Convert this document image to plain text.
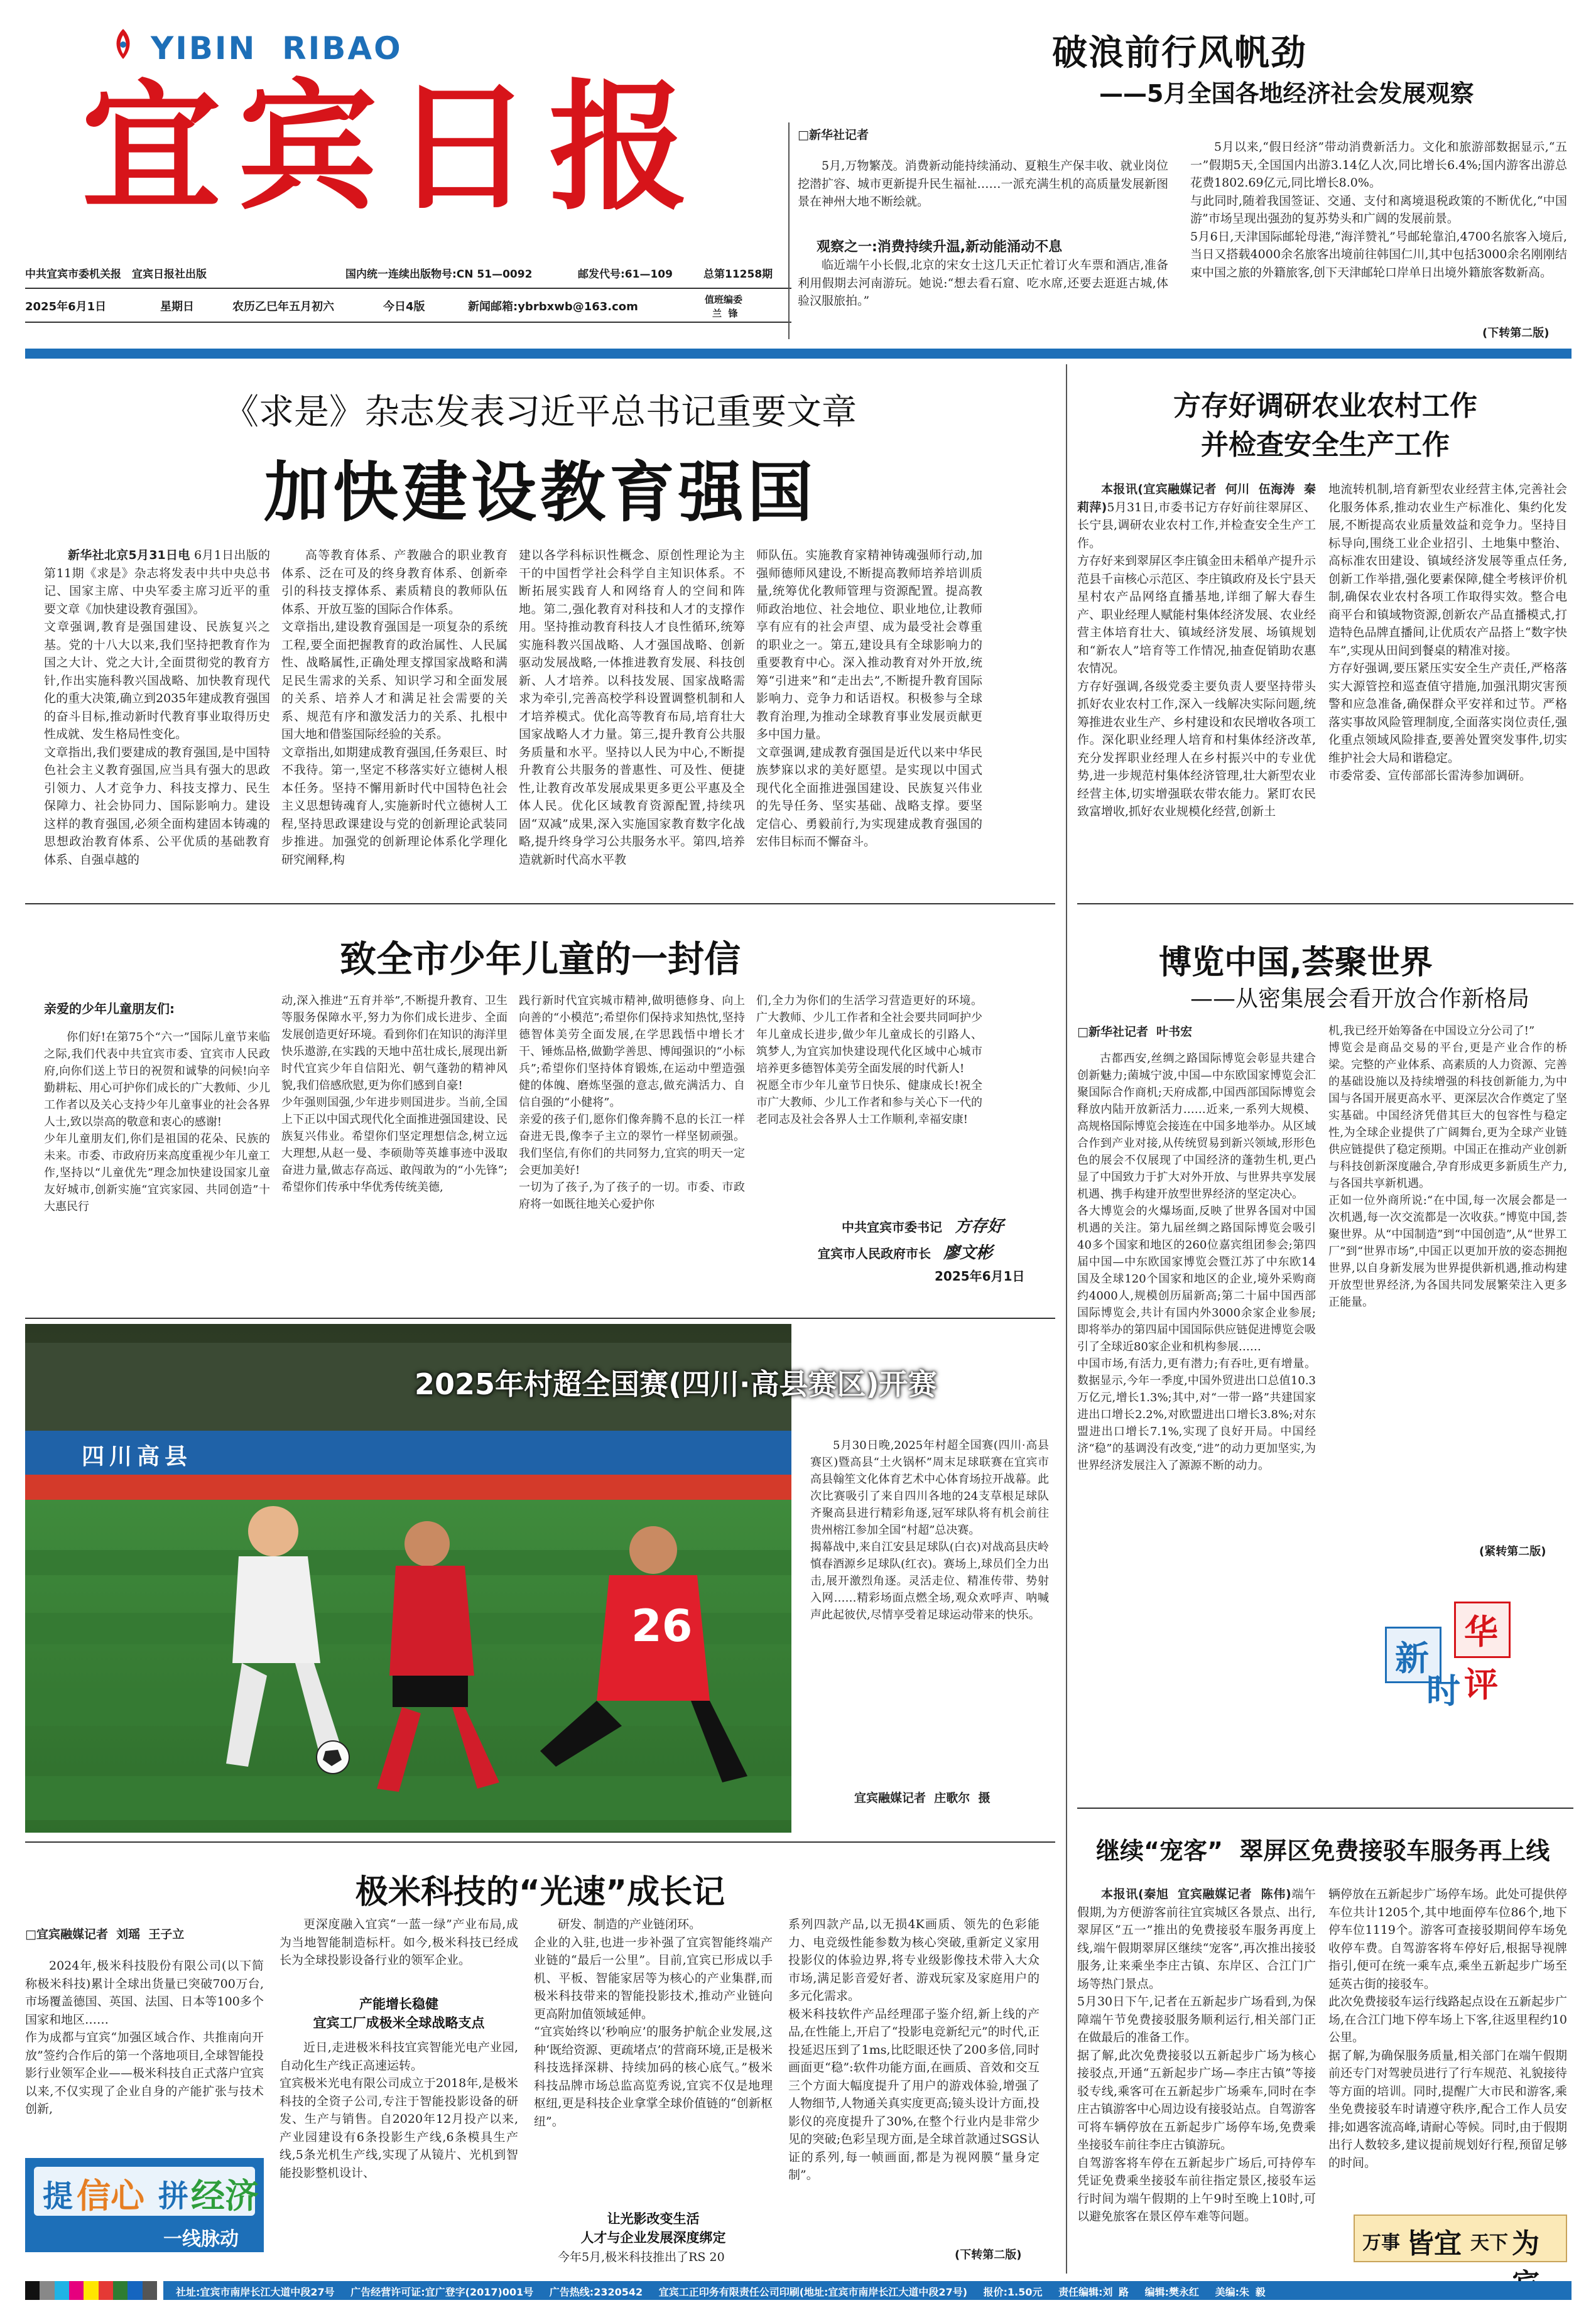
YIBIN  RIBAO
宜宾日报
中共宜宾市委机关报　宜宾日报社出版	国内统一连续出版物号:CN 51—0092	邮发代号:61—109	总第11258期
2025年6月1日	星期日	农历乙巳年五月初六	今日4版	新闻邮箱:ybrbxwb@163.com
值班编委
兰  锋
破浪前行风帆劲
——5月全国各地经济社会发展观察
□新华社记者
5月,万物繁茂。消费新动能持续涌动、夏粮生产保丰收、就业岗位挖潜扩容、城市更新提升民生福祉……一派充满生机的高质量发展新图景在神州大地不断绘就。
观察之一:消费持续升温,新动能涌动不息
临近端午小长假,北京的宋女士这几天正忙着订火车票和酒店,准备利用假期去河南游玩。她说:“想去看石窟、吃水席,还要去逛逛古城,体验汉服旅拍。”
5月以来,“假日经济”带动消费新活力。文化和旅游部数据显示,“五一”假期5天,全国国内出游3.14亿人次,同比增长6.4%;国内游客出游总花费1802.69亿元,同比增长8.0%。
与此同时,随着我国签证、交通、支付和离境退税政策的不断优化,“中国游”市场呈现出强劲的复苏势头和广阔的发展前景。
5月6日,天津国际邮轮母港,“海洋赞礼”号邮轮靠泊,4700名旅客入境后,当日又搭载4000余名旅客出境前往韩国仁川,其中包括3000余名刚刚结束中国之旅的外籍旅客,创下天津邮轮口岸单日出境外籍旅客数新高。
(下转第二版)
《求是》杂志发表习近平总书记重要文章
加快建设教育强国
新华社北京5月31日电 6月1日出版的第11期《求是》杂志将发表中共中央总书记、国家主席、中央军委主席习近平的重要文章《加快建设教育强国》。
文章强调,教育是强国建设、民族复兴之基。党的十八大以来,我们坚持把教育作为国之大计、党之大计,全面贯彻党的教育方针,作出实施科教兴国战略、加快教育现代化的重大决策,确立到2035年建成教育强国的奋斗目标,推动新时代教育事业取得历史性成就、发生格局性变化。
文章指出,我们要建成的教育强国,是中国特色社会主义教育强国,应当具有强大的思政引领力、人才竞争力、科技支撑力、民生保障力、社会协同力、国际影响力。建设这样的教育强国,必须全面构建固本铸魂的思想政治教育体系、公平优质的基础教育体系、自强卓越的
高等教育体系、产教融合的职业教育体系、泛在可及的终身教育体系、创新牵引的科技支撑体系、素质精良的教师队伍体系、开放互鉴的国际合作体系。
文章指出,建设教育强国是一项复杂的系统工程,要全面把握教育的政治属性、人民属性、战略属性,正确处理支撑国家战略和满足民生需求的关系、知识学习和全面发展的关系、培养人才和满足社会需要的关系、规范有序和激发活力的关系、扎根中国大地和借鉴国际经验的关系。
文章指出,如期建成教育强国,任务艰巨、时不我待。第一,坚定不移落实好立德树人根本任务。坚持不懈用新时代中国特色社会主义思想铸魂育人,实施新时代立德树人工程,坚持思政课建设与党的创新理论武装同步推进。加强党的创新理论体系化学理化研究阐释,构
建以各学科标识性概念、原创性理论为主干的中国哲学社会科学自主知识体系。不断拓展实践育人和网络育人的空间和阵地。第二,强化教育对科技和人才的支撑作用。坚持推动教育科技人才良性循环,统筹实施科教兴国战略、人才强国战略、创新驱动发展战略,一体推进教育发展、科技创新、人才培养。以科技发展、国家战略需求为牵引,完善高校学科设置调整机制和人才培养模式。优化高等教育布局,培育壮大国家战略人才力量。第三,提升教育公共服务质量和水平。坚持以人民为中心,不断提升教育公共服务的普惠性、可及性、便捷性,让教育改革发展成果更多更公平惠及全体人民。优化区域教育资源配置,持续巩固“双减”成果,深入实施国家教育数字化战略,提升终身学习公共服务水平。第四,培养造就新时代高水平教
师队伍。实施教育家精神铸魂强师行动,加强师德师风建设,不断提高教师培养培训质量,统筹优化教师管理与资源配置。提高教师政治地位、社会地位、职业地位,让教师享有应有的社会声望、成为最受社会尊重的职业之一。第五,建设具有全球影响力的重要教育中心。深入推动教育对外开放,统筹“引进来”和“走出去”,不断提升教育国际影响力、竞争力和话语权。积极参与全球教育治理,为推动全球教育事业发展贡献更多中国力量。
文章强调,建成教育强国是近代以来中华民族梦寐以求的美好愿望。是实现以中国式现代化全面推进强国建设、民族复兴伟业的先导任务、坚实基础、战略支撑。要坚定信心、勇毅前行,为实现建成教育强国的宏伟目标而不懈奋斗。
致全市少年儿童的一封信
亲爱的少年儿童朋友们:
你们好!在第75个“六一”国际儿童节来临之际,我们代表中共宜宾市委、宜宾市人民政府,向你们送上节日的祝贺和诚挚的问候!向辛勤耕耘、用心可护你们成长的广大教师、少儿工作者以及关心支持少年儿童事业的社会各界人士,致以崇高的敬意和衷心的感谢!
少年儿童朋友们,你们是祖国的花朵、民族的未来。市委、市政府历来高度重视少年儿童工作,坚持以“儿童优先”理念加快建设国家儿童友好城市,创新实施“宜宾家园、共同创造”十大惠民行
动,深入推进“五育并举”,不断提升教育、卫生等服务保障水平,努力为你们成长进步、全面发展创造更好环境。看到你们在知识的海洋里快乐遨游,在实践的天地中茁壮成长,展现出新时代宜宾少年自信阳光、朝气蓬勃的精神风貌,我们倍感欣慰,更为你们感到自豪!
少年强则国强,少年进步则国进步。当前,全国上下正以中国式现代化全面推进强国建设、民族复兴伟业。希望你们坚定理想信念,树立远大理想,从赵一曼、李硕勋等英雄事迹中汲取奋进力量,做志存高远、敢闯敢为的“小先锋”;希望你们传承中华优秀传统美德,
践行新时代宜宾城市精神,做明德修身、向上向善的“小模范”;希望你们保持求知热忱,坚持德智体美劳全面发展,在学思践悟中增长才干、锤炼品格,做勤学善思、博闻强识的“小标兵”;希望你们坚持体育锻炼,在运动中塑造强健的体魄、磨炼坚强的意志,做充满活力、自信自强的“小健将”。
亲爱的孩子们,愿你们像奔腾不息的长江一样奋进无畏,像李子主立的翠竹一样坚韧顽强。我们坚信,有你们的共同努力,宜宾的明天一定会更加美好!
一切为了孩子,为了孩子的一切。市委、市政府将一如既往地关心爱护你
们,全力为你们的生活学习营造更好的环境。广大教师、少儿工作者和全社会要共同呵护少年儿童成长进步,做少年儿童成长的引路人、筑梦人,为宜宾加快建设现代化区域中心城市培养更多德智体美劳全面发展的时代新人!
祝愿全市少年儿童节日快乐、健康成长!祝全市广大教师、少儿工作者和参与关心下一代的老同志及社会各界人士工作顺利,幸福安康!
中共宜宾市委书记　 方存好
宜宾市人民政府市长　 廖文彬
2025年6月1日
四川高县
26
2025年村超全国赛(四川·高县赛区)开赛
5月30日晚,2025年村超全国赛(四川·高县赛区)暨高县“土火锅杯”周末足球联赛在宜宾市高县翰笙文化体育艺术中心体育场拉开战幕。此次比赛吸引了来自四川各地的24支草根足球队齐聚高县进行精彩角逐,冠军球队将有机会前往贵州榕江参加全国“村超”总决赛。
揭幕战中,来自江安县足球队(白衣)对战高县庆岭慎春酒源乡足球队(红衣)。赛场上,球员们全力出击,展开激烈角逐。灵活走位、精准传带、势射入网……精彩场面点燃全场,观众欢呼声、呐喊声此起彼伏,尽情享受着足球运动带来的快乐。
宜宾融媒记者  庄歌尔  摄
极米科技的“光速”成长记
□宜宾融媒记者  刘瑶  王子立
2024年,极米科技股份有限公司(以下简称极米科技)累计全球出货量已突破700万台,市场覆盖德国、英国、法国、日本等100多个国家和地区……
作为成都与宜宾“加强区域合作、共推南向开放”签约合作后的第一个落地项目,全球智能投影行业领军企业——极米科技自正式落户宜宾以来,不仅实现了企业自身的产能扩张与技术创新,
提 信心 拼 经济
一线脉动
更深度融入宜宾“一蓝一绿”产业布局,成为当地智能制造标杆。如今,极米科技已经成长为全球投影设备行业的领军企业。
产能增长稳健
宜宾工厂成极米全球战略支点
近日,走进极米科技宜宾智能光电产业园,自动化生产线正高速运转。
宜宾极米光电有限公司成立于2018年,是极米科技的全资子公司,专注于智能投影设备的研发、生产与销售。自2020年12月投产以来,产业园建设有6条投影生产线,6条模具生产线,5条光机生产线,实现了从镜片、光机到智能投影整机设计、
研发、制造的产业链闭环。
企业的入驻,也进一步补强了宜宾智能终端产业链的“最后一公里”。目前,宜宾已形成以手机、平板、智能家居等为核心的产业集群,而极米科技带来的智能投影技术,推动产业链向更高附加值领域延伸。
“宜宾始终以‘秒响应’的服务护航企业发展,这种‘既给资源、更疏堵点’的营商环境,正是极米科技选择深耕、持续加码的核心底气。”极米科技品牌市场总监高览秀说,宜宾不仅是地理枢纽,更是科技企业拿掌全球价值链的“创新枢纽”。
让光影改变生活
人才与企业发展深度绑定
今年5月,极米科技推出了RS 20
系列四款产品,以无损4K画质、领先的色彩能力、电竞级性能参数为核心突破,重新定义家用投影仪的体验边界,将专业级影像技术带入大众市场,满足影音爱好者、游戏玩家及家庭用户的多元化需求。
极米科技软件产品经理邵子鉴介绍,新上线的产品,在性能上,开启了“投影电竞新纪元”的时代,正投延迟压到了1ms,比眨眼还快了200多倍,同时画面更“稳”:软件功能方面,在画质、音效和交互三个方面大幅度提升了用户的游戏体验,增强了人物细节,人物通关真实度更高;镜头设计方面,投影仪的亮度提升了30%,在整个行业内是非常少见的突破;色彩呈现方面,是全球首款通过SGS认证的系列,每一帧画面,都是为视网膜“量身定制”。
(下转第二版)
方存好调研农业农村工作
并检查安全生产工作
本报讯(宜宾融媒记者  何川  伍海涛  秦莉萍)5月31日,市委书记方存好前往翠屏区、长宁县,调研农业农村工作,并检查安全生产工作。
方存好来到翠屏区李庄镇金田未稻单产提升示范县千亩核心示范区、李庄镇政府及长宁县天星村农产品网络直播基地,详细了解大春生产、职业经理人赋能村集体经济发展、农业经营主体培育壮大、镇域经济发展、场镇规划和“新农人”培育等工作情况,抽查促销助农惠农情况。
方存好强调,各级党委主要负责人要坚持带头抓好农业农村工作,深入一线解决实际问题,统筹推进农业生产、乡村建设和农民增收各项工作。深化职业经理人培育和村集体经济改革,充分发挥职业经理人在乡村振兴中的专业优势,进一步规范村集体经济管理,壮大新型农业经营主体,切实增强联农带农能力。紧盯农民致富增收,抓好农业规模化经营,创新土
地流转机制,培育新型农业经营主体,完善社会化服务体系,推动农业生产标准化、集约化发展,不断提高农业质量效益和竞争力。坚持目标导向,围绕工业企业招引、土地集中整治、高标准农田建设、镇域经济发展等重点任务,创新工作举措,强化要素保障,健全考核评价机制,确保农业农村各项工作取得实效。整合电商平台和镇域物资源,创新农产品直播模式,打造特色品牌直播间,让优质农产品搭上“数字快车”,实现从田间到餐桌的精准对接。
方存好强调,要压紧压实安全生产责任,严格落实大源管控和巡查值守措施,加强汛期灾害预警和应急准备,确保群众平安祥和过节。严格落实事故风险管理制度,全面落实岗位责任,强化重点领域风险排查,要善处置突发事件,切实维护社会大局和谐稳定。
市委常委、宣传部部长雷涛参加调研。
博览中国,荟聚世界
——从密集展会看开放合作新格局
□新华社记者  叶书宏
古都西安,丝绸之路国际博览会彰显共建合创新魅力;菌城宁波,中国—中东欧国家博览会汇聚国际合作商机;天府成都,中国西部国际博览会释放内陆开放新活力……近来,一系列大规模、高规格国际博览会接连在中国多地举办。从区域合作到产业对接,从传统贸易到新兴领域,形形色色的展会不仅展现了中国经济的蓬勃生机,更凸显了中国致力于扩大对外开放、与世界共享发展机遇、携手构建开放型世界经济的坚定决心。
各大博览会的火爆场面,反映了世界各国对中国机遇的关注。第九届丝绸之路国际博览会吸引40多个国家和地区的260位嘉宾组团参会;第四届中国—中东欧国家博览会暨江苏了中东欧14国及全球120个国家和地区的企业,境外采购商约4000人,规模创历届新高;第二十届中国西部国际博览会,共计有国内外3000余家企业参展;即将举办的第四届中国国际供应链促进博览会吸引了全球近80家企业和机构参展……
中国市场,有活力,更有潜力;有吞吐,更有增量。数据显示,今年一季度,中国外贸进出口总值10.3万亿元,增长1.3%;其中,对“一带一路”共建国家进出口增长2.2%,对欧盟进出口增长3.8%;对东盟进出口增长7.1%,实现了良好开局。中国经济“稳”的基调没有改变,“进”的动力更加坚实,为世界经济发展注入了源源不断的动力。
机,我已经开始筹备在中国设立分公司了!”
博览会是商品交易的平台,更是产业合作的桥梁。完整的产业体系、高素质的人力资源、完善的基础设施以及持续增强的科技创新能力,为中国与各国开展更高水平、更深层次合作奠定了坚实基础。中国经济凭借其巨大的包容性与稳定性,为全球企业提供了广阔舞台,更为全球产业链供应链提供了稳定预期。中国正在推动产业创新与科技创新深度融合,孕育形成更多新质生产力,与各国共享新机遇。
正如一位外商所说:“在中国,每一次展会都是一次机遇,每一次交流都是一次收获。”博览中国,荟聚世界。从“中国制造”到“中国创造”,从“世界工厂”到“世界市场”,中国正以更加开放的姿态拥抱世界,以自身新发展为世界提供新机遇,推动构建开放型世界经济,为各国共同发展繁荣注入更多正能量。
(紧转第二版)
新
华
时 评
继续“宠客”  翠屏区免费接驳车服务再上线
本报讯(秦旭  宜宾融媒记者  陈伟)端午假期,为方便游客前往宜宾城区各景点、出行,翠屏区“五一”推出的免费接驳车服务再度上线,端午假期翠屏区继续“宠客”,再次推出接驳服务,让来乘坐李庄古镇、东岸区、合江门广场等热门景点。
5月30日下午,记者在五新起步广场看到,为保障端午节免费接驳服务顺利运行,相关部门正在做最后的准备工作。
据了解,此次免费接驳以五新起步广场为核心接驳点,开通“五新起步广场—李庄古镇”等接驳专线,乘客可在五新起步广场乘车,同时在李庄古镇游客中心周边设有接驳站点。自驾游客可将车辆停放在五新起步广场停车场,免费乘坐接驳车前往李庄古镇游玩。
自驾游客将车停在五新起步广场后,可持停车凭证免费乘坐接驳车前往指定景区,接驳车运行时间为端午假期的上午9时至晚上10时,可以避免旅客在景区停车难等问题。
辆停放在五新起步广场停车场。此处可提供停车位共计1205个,其中地面停车位86个,地下停车位1119个。游客可查接驳期间停车场免收停车费。自驾游客将车停好后,根据导视牌指引,便可在统一乘车点,乘坐五新起步广场至延英古街的接驳车。
此次免费接驳车运行线路起点设在五新起步广场,在合江门地下停车场上下客,往返里程约10公里。
据了解,为确保服务质量,相关部门在端午假期前还专门对驾驶员进行了行车规范、礼貌接待等方面的培训。同时,提醒广大市民和游客,乘坐免费接驳车时请遵守秩序,配合工作人员安排;如遇客流高峰,请耐心等候。同时,由于假期出行人数较多,建议提前规划好行程,预留足够的时间。
万事 皆宜 天下 为
社址:宜宾市南岸长江大道中段27号　 广告经营许可证:宜广登字(2017)001号　 广告热线:2320542　 宜宾工正印务有限责任公司印刷(地址:宜宾市南岸长江大道中段27号)　 报价:1.50元　 责任编辑:刘 路　 编辑:樊永红　 美编:朱 毅
